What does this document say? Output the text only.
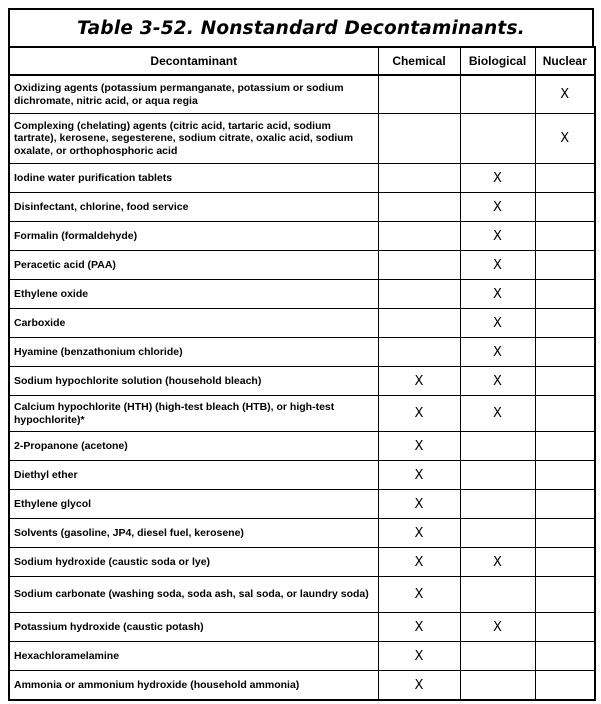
Table 3-52. Nonstandard Decontaminants.
Decontaminant	Chemical	Biological	Nuclear
Oxidizing agents (potassium permanganate, potassium or sodium dichromate, nitric acid, or aqua regia			X
Complexing (chelating) agents (citric acid, tartaric acid, sodium tartrate), kerosene, segesterene, sodium citrate, oxalic acid, sodium oxalate, or orthophosphoric acid			X
Iodine water purification tablets		X	
Disinfectant, chlorine, food service		X	
Formalin (formaldehyde)		X	
Peracetic acid (PAA)		X	
Ethylene oxide		X	
Carboxide		X	
Hyamine (benzathonium chloride)		X	
Sodium hypochlorite solution (household bleach)	X	X	
Calcium hypochlorite (HTH) (high-test bleach (HTB), or high-test hypochlorite)*	X	X	
2-Propanone (acetone)	X		
Diethyl ether	X		
Ethylene glycol	X		
Solvents (gasoline, JP4, diesel fuel, kerosene)	X		
Sodium hydroxide (caustic soda or lye)	X	X	
Sodium carbonate (washing soda, soda ash, sal soda, or laundry soda)	X		
Potassium hydroxide (caustic potash)	X	X	
Hexachloramelamine	X		
Ammonia or ammonium hydroxide (household ammonia)	X		
